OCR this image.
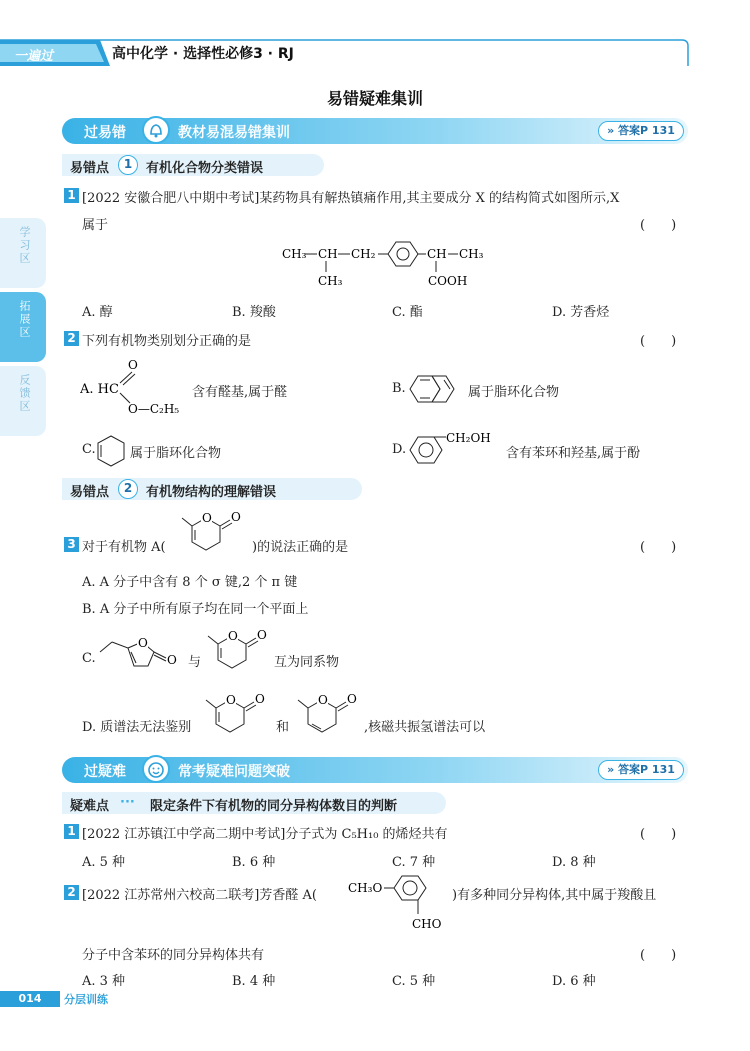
一遍过	高中化学 · 选择性必修3 · RJ
学习区
拓展区
反馈区
易错疑难集训
过易错	教材易混易错集训	» 答案P 131
易错点	1	有机化合物分类错误
1 [2022 安徽合肥八中期中考试]某药物具有解热镇痛作用,其主要成分 X 的结构简式如图所示,X
属于	(　　)
CH₃ CH CH₂
CH₃
CH CH₃
COOH
A. 醇	B. 羧酸	C. 酯	D. 芳香烃
2 下列有机物类别划分正确的是	(　　)
A. HC
O
O—C₂H₅
含有醛基,属于醛	B.	属于脂环化合物
C.	属于脂环化合物	D.
CH₂OH
含有苯环和羟基,属于酚
易错点	2	有机物结构的理解错误
3 对于有机物 A(
O O
)的说法正确的是	(　　)
A. A 分子中含有 8 个 σ 键,2 个 π 键
B. A 分子中所有原子均在同一个平面上
C.
O
O 与
O O
互为同系物
D. 质谱法无法鉴别
O O
和
O O
,核磁共振氢谱法可以
过疑难	常考疑难问题突破	» 答案P 131
疑难点 ··· 限定条件下有机物的同分异构体数目的判断
1 [2022 江苏镇江中学高二期中考试]分子式为 C₅H₁₀ 的烯烃共有	(　　)
A. 5 种	B. 6 种	C. 7 种	D. 8 种
2 [2022 江苏常州六校高二联考]芳香醛 A(	CH₃O
CHO
)有多种同分异构体,其中属于羧酸且
分子中含苯环的同分异构体共有	(　　)
A. 3 种	B. 4 种	C. 5 种	D. 6 种
014	分层训练
